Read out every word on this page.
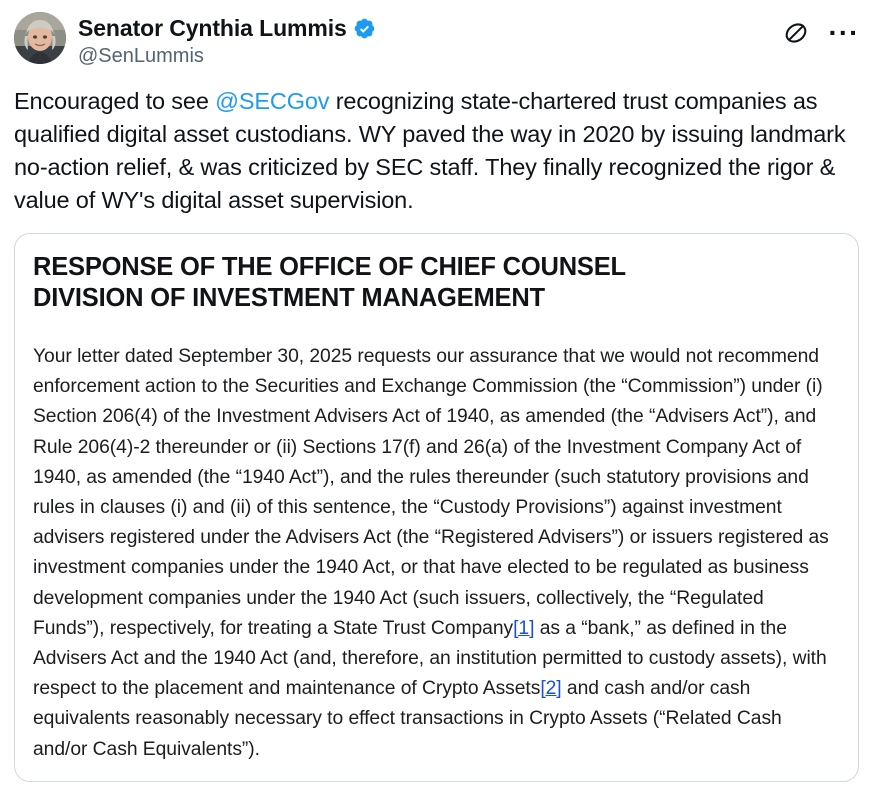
Senator Cynthia Lummis
@SenLummis
···
Encouraged to see @SECGov recognizing state-chartered trust companies as qualified digital asset custodians. WY paved the way in 2020 by issuing landmark no-action relief, & was criticized by SEC staff. They finally recognized the rigor & value of WY's digital asset supervision.
RESPONSE OF THE OFFICE OF CHIEF COUNSEL
DIVISION OF INVESTMENT MANAGEMENT
Your letter dated September 30, 2025 requests our assurance that we would not recommend enforcement action to the Securities and Exchange Commission (the “Commission”) under (i) Section 206(4) of the Investment Advisers Act of 1940, as amended (the “Advisers Act”), and Rule 206(4)-2 thereunder or (ii) Sections 17(f) and 26(a) of the Investment Company Act of 1940, as amended (the “1940 Act”), and the rules thereunder (such statutory provisions and rules in clauses (i) and (ii) of this sentence, the “Custody Provisions”) against investment advisers registered under the Advisers Act (the “Registered Advisers”) or issuers registered as investment companies under the 1940 Act, or that have elected to be regulated as business development companies under the 1940 Act (such issuers, collectively, the “Regulated Funds”), respectively, for treating a State Trust Company[1] as a “bank,” as defined in the Advisers Act and the 1940 Act (and, therefore, an institution permitted to custody assets), with respect to the placement and maintenance of Crypto Assets[2] and cash and/or cash equivalents reasonably necessary to effect transactions in Crypto Assets (“Related Cash and/or Cash Equivalents”).
